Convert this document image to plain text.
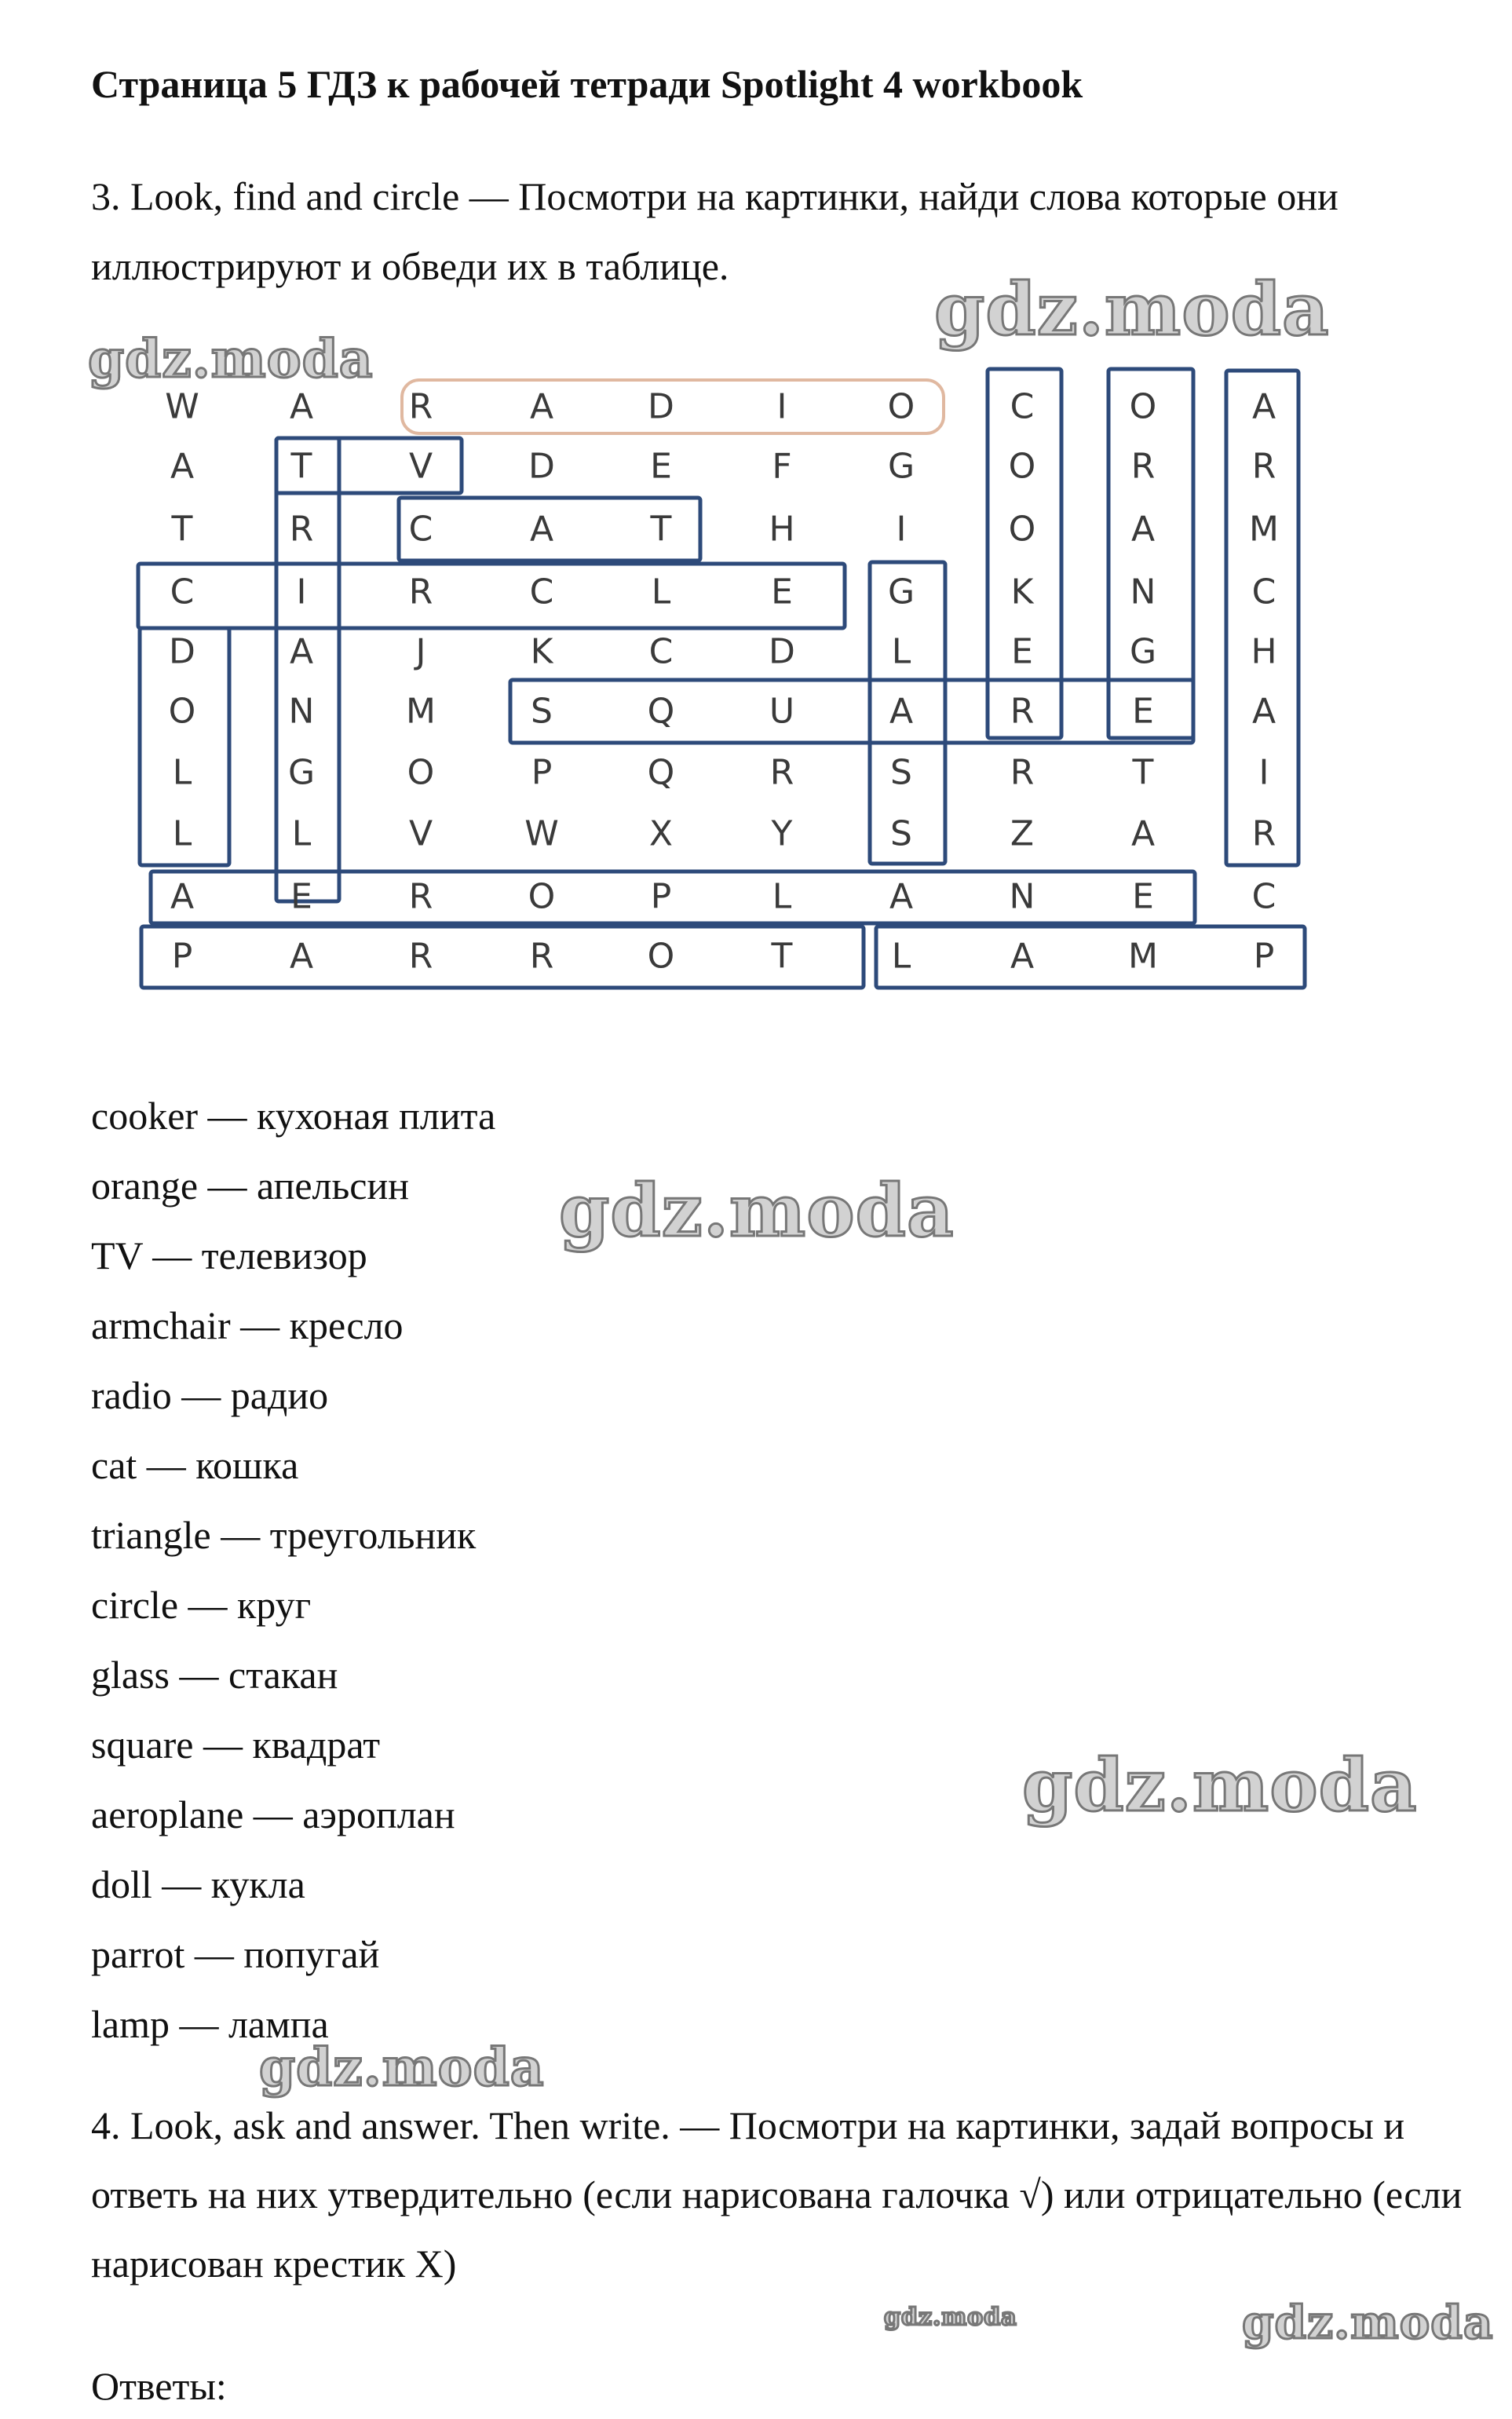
Страница 5 ГДЗ к рабочей тетради Spotlight 4 workbook
3. Look, find and circle — Посмотри на картинки, найди слова которые они иллюстрируют и обведи их в таблице.
W	A	R	A	D	I	O	C	O	A
A	T	V	D	E	F	G	O	R	R
T	R	C	A	T	H	I	O	A	M
C	I	R	C	L	E	G	K	N	C
D	A	J	K	C	D	L	E	G	H
O	N	M	S	Q	U	A	R	E	A
L	G	O	P	Q	R	S	R	T	I
L	L	V	W	X	Y	S	Z	A	R
A	E	R	O	P	L	A	N	E	C
P	A	R	R	O	T	L	A	M	P
cooker — кухоная плита
orange — апельсин
TV — телевизор
armchair — кресло
radio — радио
cat — кошка
triangle — треугольник
circle — круг
glass — стакан
square — квадрат
aeroplane — аэроплан
doll — кукла
parrot — попугай
lamp — лампа
4. Look, ask and answer. Then write. — Посмотри на картинки, задай вопросы и ответь на них утвердительно (если нарисована галочка √) или отрицательно (если нарисован крестик Х)
Ответы:
gdz.moda
gdz.moda
gdz.moda
gdz.moda
gdz.moda
gdz.moda	gdz.moda
